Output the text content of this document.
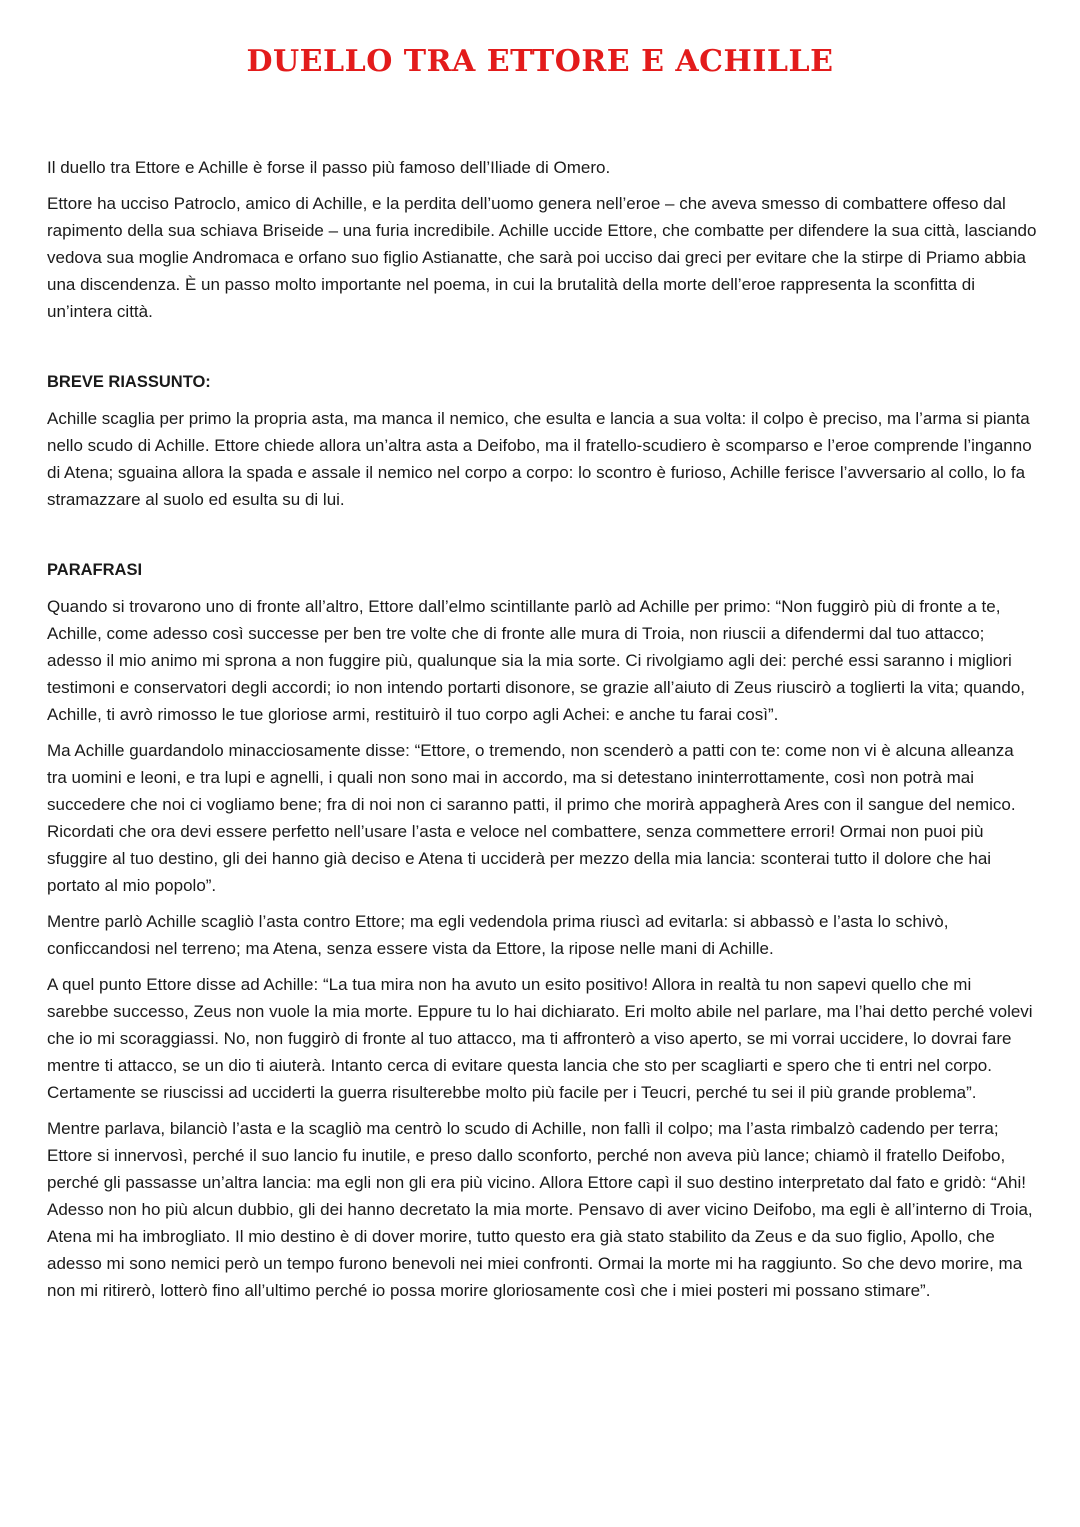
DUELLO TRA ETTORE E ACHILLE

Il duello tra Ettore e Achille è forse il passo più famoso dell’Iliade di Omero.

Ettore ha ucciso Patroclo, amico di Achille, e la perdita dell’uomo genera nell’eroe – che aveva smesso di combattere offeso dal rapimento della sua schiava Briseide – una furia incredibile. Achille uccide Ettore, che combatte per difendere la sua città, lasciando vedova sua moglie Andromaca e orfano suo figlio Astianatte, che sarà poi ucciso dai greci per evitare che la stirpe di Priamo abbia una discendenza. È un passo molto importante nel poema, in cui la brutalità della morte dell’eroe rappresenta la sconfitta di un’intera città.

BREVE RIASSUNTO:

Achille scaglia per primo la propria asta, ma manca il nemico, che esulta e lancia a sua volta: il colpo è preciso, ma l’arma si pianta nello scudo di Achille. Ettore chiede allora un’altra asta a Deifobo, ma il fratello-scudiero è scomparso e l’eroe comprende l’inganno di Atena; sguaina allora la spada e assale il nemico nel corpo a corpo: lo scontro è furioso, Achille ferisce l’avversario al collo, lo fa stramazzare al suolo ed esulta su di lui.

PARAFRASI

Quando si trovarono uno di fronte all’altro, Ettore dall’elmo scintillante parlò ad Achille per primo: “Non fuggirò più di fronte a te, Achille, come adesso così successe per ben tre volte che di fronte alle mura di Troia, non riuscii a difendermi dal tuo attacco; adesso il mio animo mi sprona a non fuggire più, qualunque sia la mia sorte. Ci rivolgiamo agli dei: perché essi saranno i migliori testimoni e conservatori degli accordi; io non intendo portarti disonore, se grazie all’aiuto di Zeus riuscirò a toglierti la vita; quando, Achille, ti avrò rimosso le tue gloriose armi, restituirò il tuo corpo agli Achei: e anche tu farai così”.

Ma Achille guardandolo minacciosamente disse: “Ettore, o tremendo, non scenderò a patti con te: come non vi è alcuna alleanza tra uomini e leoni, e tra lupi e agnelli, i quali non sono mai in accordo, ma si detestano ininterrottamente, così non potrà mai succedere che noi ci vogliamo bene; fra di noi non ci saranno patti, il primo che morirà appagherà Ares con il sangue del nemico. Ricordati che ora devi essere perfetto nell’usare l’asta e veloce nel combattere, senza commettere errori! Ormai non puoi più sfuggire al tuo destino, gli dei hanno già deciso e Atena ti ucciderà per mezzo della mia lancia: sconterai tutto il dolore che hai portato al mio popolo”.

Mentre parlò Achille scagliò l’asta contro Ettore; ma egli vedendola prima riuscì ad evitarla: si abbassò e l’asta lo schivò, conficcandosi nel terreno; ma Atena, senza essere vista da Ettore, la ripose nelle mani di Achille.

A quel punto Ettore disse ad Achille: “La tua mira non ha avuto un esito positivo! Allora in realtà tu non sapevi quello che mi sarebbe successo, Zeus non vuole la mia morte. Eppure tu lo hai dichiarato. Eri molto abile nel parlare, ma l’hai detto perché volevi che io mi scoraggiassi. No, non fuggirò di fronte al tuo attacco, ma ti affronterò a viso aperto, se mi vorrai uccidere, lo dovrai fare mentre ti attacco, se un dio ti aiuterà. Intanto cerca di evitare questa lancia che sto per scagliarti e spero che ti entri nel corpo. Certamente se riuscissi ad ucciderti la guerra risulterebbe molto più facile per i Teucri, perché tu sei il più grande problema”.

Mentre parlava, bilanciò l’asta e la scagliò ma centrò lo scudo di Achille, non fallì il colpo; ma l’asta rimbalzò cadendo per terra; Ettore si innervosì, perché il suo lancio fu inutile, e preso dallo sconforto, perché non aveva più lance; chiamò il fratello Deifobo, perché gli passasse un’altra lancia: ma egli non gli era più vicino. Allora Ettore capì il suo destino interpretato dal fato e gridò: “Ahi! Adesso non ho più alcun dubbio, gli dei hanno decretato la mia morte. Pensavo di aver vicino Deifobo, ma egli è all’interno di Troia, Atena mi ha imbrogliato. Il mio destino è di dover morire, tutto questo era già stato stabilito da Zeus e da suo figlio, Apollo, che adesso mi sono nemici però un tempo furono benevoli nei miei confronti. Ormai la morte mi ha raggiunto. So che devo morire, ma non mi ritirerò, lotterò fino all’ultimo perché io possa morire gloriosamente così che i miei posteri mi possano stimare”.
